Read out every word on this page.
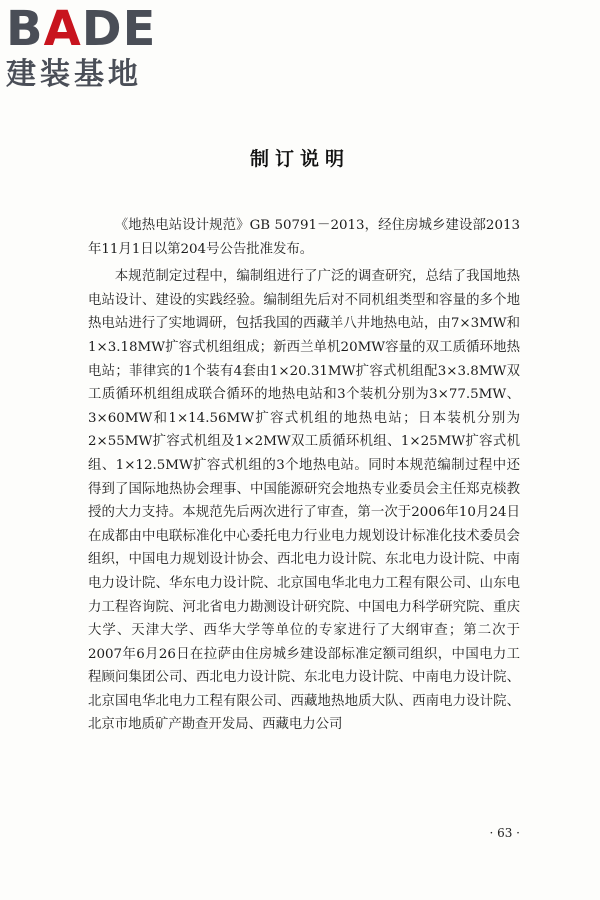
BADE
建装基地
制订说明

《地热电站设计规范》GB 50791－2013，经住房城乡建设部2013年11月1日以第204号公告批准发布。

本规范制定过程中，编制组进行了广泛的调查研究，总结了我国地热电站设计、建设的实践经验。编制组先后对不同机组类型和容量的多个地热电站进行了实地调研，包括我国的西藏羊八井地热电站，由7×3MW和1×3.18MW扩容式机组组成；新西兰单机20MW容量的双工质循环地热电站；菲律宾的1个装有4套由1×20.31MW扩容式机组配3×3.8MW双工质循环机组组成联合循环的地热电站和3个装机分别为3×77.5MW、3×60MW和1×14.56MW扩容式机组的地热电站；日本装机分别为2×55MW扩容式机组及1×2MW双工质循环机组、1×25MW扩容式机组、1×12.5MW扩容式机组的3个地热电站。同时本规范编制过程中还得到了国际地热协会理事、中国能源研究会地热专业委员会主任郑克棪教授的大力支持。本规范先后两次进行了审查，第一次于2006年10月24日在成都由中电联标准化中心委托电力行业电力规划设计标准化技术委员会组织，中国电力规划设计协会、西北电力设计院、东北电力设计院、中南电力设计院、华东电力设计院、北京国电华北电力工程有限公司、山东电力工程咨询院、河北省电力勘测设计研究院、中国电力科学研究院、重庆大学、天津大学、西华大学等单位的专家进行了大纲审查；第二次于2007年6月26日在拉萨由住房城乡建设部标准定额司组织，中国电力工程顾问集团公司、西北电力设计院、东北电力设计院、中南电力设计院、北京国电华北电力工程有限公司、西藏地热地质大队、西南电力设计院、北京市地质矿产勘查开发局、西藏电力公司

· 63 ·
